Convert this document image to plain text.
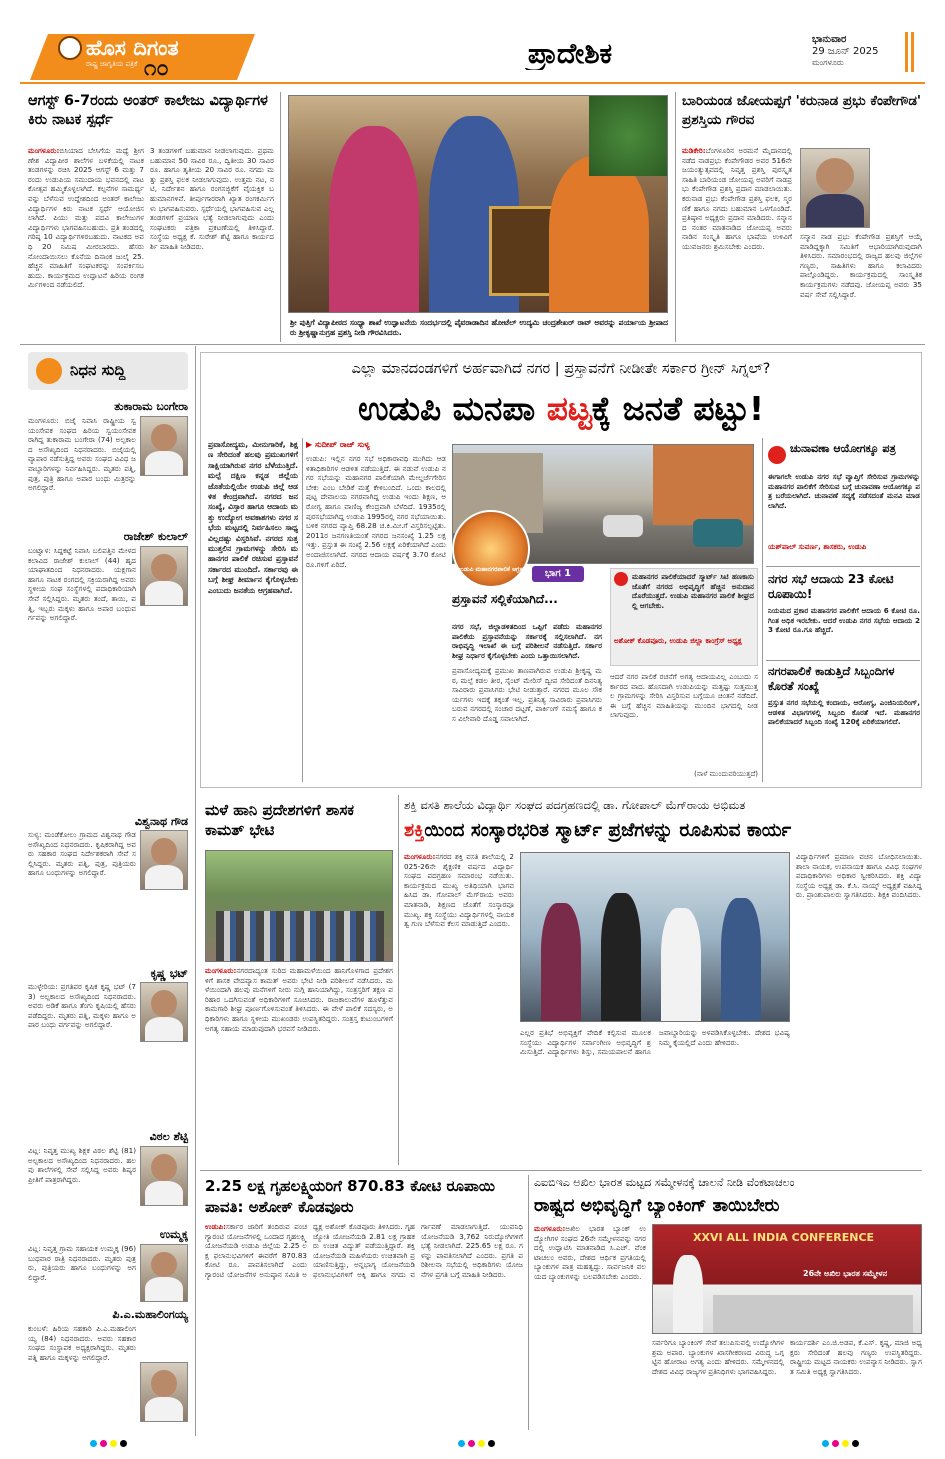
ಹೊಸ ದಿಗಂತ
ರಾಷ್ಟ್ರ ಜಾಗೃತಿಯ ಪತ್ರಿಕೆ ೧೦	ಪ್ರಾದೇಶಿಕ	ಭಾನುವಾರ
29 ಜೂನ್ 2025
ಮಂಗಳೂರು
ಆಗಸ್ಟ್ 6-7ರಂದು ಅಂತರ್ ಕಾಲೇಜು ವಿದ್ಯಾರ್ಥಿಗಳ ಕಿರು ನಾಟಕ ಸ್ಪರ್ಧೆ
ಮಂಗಳೂರು:ಬಿಸಿಯಾದ ಬೇಸಿಗೆಯ ಮಧ್ಯೆ ಶ್ರೀಗಣೇಶ ವಿದ್ಯಾಪೀಠ ಶಾಲೆಗಳ ಬಳಕೆಯಲ್ಲಿ ನಾಟಕ ತಂಡಗಳನ್ನು ರಚಿಸಿ 2025 ಆಗಸ್ಟ್ 6 ಮತ್ತು 7ರಂದು ಉಡುಪಿಯ ಸಮುದಾಯ ಭವನದಲ್ಲಿ ನಾಟಕೋತ್ಸವ ಹಮ್ಮಿಕೊಳ್ಳಲಾಗಿದೆ. ಕಲ್ಪನೆಗಳ ಸಾಮರ್ಥ್ಯವನ್ನು ಬೆಳೆಸುವ ಉದ್ದೇಶದಿಂದ ಅಂತರ್ ಕಾಲೇಜು ವಿದ್ಯಾರ್ಥಿಗಳ ಕಿರು ನಾಟಕ ಸ್ಪರ್ಧೆ ಆಯೋಜಿಸಲಾಗಿದೆ. ಪಿಯು ಮತ್ತು ಪದವಿ ಕಾಲೇಜುಗಳ ವಿದ್ಯಾರ್ಥಿಗಳು ಭಾಗವಹಿಸಬಹುದು. ಪ್ರತಿ ತಂಡದಲ್ಲಿ ಗರಿಷ್ಠ 10 ವಿದ್ಯಾರ್ಥಿಗಳಿರಬಹುದು. ನಾಟಕದ ಅವಧಿ 20 ನಿಮಿಷ ಮೀರಬಾರದು. ಹೆಸರು ನೋಂದಾಯಿಸಲು ಕೊನೆಯ ದಿನಾಂಕ ಜುಲೈ 25. ಹೆಚ್ಚಿನ ಮಾಹಿತಿಗೆ ಸಂಘಟಕರನ್ನು ಸಂಪರ್ಕಿಸಬಹುದು. ಕಾರ್ಯಕ್ರಮದ ಉದ್ಘಾಟನೆ ಹಿರಿಯ ರಂಗಕರ್ಮಿಗಳಿಂದ ನಡೆಯಲಿದೆ.
3 ತಂಡಗಳಿಗೆ ಬಹುಮಾನ ನೀಡಲಾಗುವುದು. ಪ್ರಥಮ ಬಹುಮಾನ 50 ಸಾವಿರ ರೂ., ದ್ವಿತೀಯ 30 ಸಾವಿರ ರೂ. ಹಾಗೂ ತೃತೀಯ 20 ಸಾವಿರ ರೂ. ನಗದು ಮತ್ತು ಪ್ರಶಸ್ತಿ ಫಲಕ ನೀಡಲಾಗುವುದು. ಉತ್ತಮ ನಟ, ನಟಿ, ನಿರ್ದೇಶನ ಹಾಗೂ ರಂಗಸಜ್ಜಿಕೆಗೆ ವೈಯಕ್ತಿಕ ಬಹುಮಾನಗಳಿವೆ. ತೀರ್ಪುಗಾರರಾಗಿ ಖ್ಯಾತ ರಂಗಕರ್ಮಿಗಳು ಭಾಗವಹಿಸುವರು. ಸ್ಪರ್ಧೆಯಲ್ಲಿ ಭಾಗವಹಿಸುವ ಎಲ್ಲ ತಂಡಗಳಿಗೆ ಪ್ರಯಾಣ ಭತ್ಯೆ ನೀಡಲಾಗುವುದು ಎಂದು ಸಂಘಟಕರು ಪತ್ರಿಕಾ ಪ್ರಕಟಣೆಯಲ್ಲಿ ತಿಳಿಸಿದ್ದಾರೆ. ಸಂಸ್ಥೆಯ ಅಧ್ಯಕ್ಷ ಕೆ. ಸುರೇಶ್ ಶೆಟ್ಟಿ ಹಾಗೂ ಕಾರ್ಯದರ್ಶಿ ಮಾಹಿತಿ ನೀಡಿದರು.
ಶ್ರೀ ಪುತ್ತಿಗೆ ವಿದ್ಯಾಪೀಠದ ಸಂಧ್ಯಾ ಶಾಖೆ ಉದ್ಘಾಟನೆಯ ಸಂದರ್ಭದಲ್ಲಿ ಪೈವರಾಡಾದಿನ ಹೋಟೆಲ್ ಉದ್ಯಮಿ ಚಂದ್ರಶೇಖರ್ ರಾವ್ ಅವರನ್ನು ಪರ್ಯಾಯ ಶ್ರೀಪಾದರು ಶ್ರೀಕೃಷ್ಣಾನುಗ್ರಹ ಪ್ರಶಸ್ತಿ ನೀಡಿ ಗೌರವಿಸಿದರು.
ಬಾರಿಯಂಡ ಜೋಯಪ್ಪಗೆ 'ಕರುನಾಡ ಪ್ರಭು ಕೆಂಪೇಗೌಡ' ಪ್ರಶಸ್ತಿಯ ಗೌರವ
ಮಡಿಕೇರಿ:ಬೆಂಗಳೂರಿನ ಅರಮನೆ ಮೈದಾನದಲ್ಲಿ ನಡೆದ ನಾಡಪ್ರಭು ಕೆಂಪೇಗೌಡರ ಅವರ 516ನೇ ಜಯಂತ್ಯುತ್ಸವದಲ್ಲಿ ನಿವೃತ್ತ ಪ್ರಶಸ್ತಿ ಪುರಸ್ಕೃತ ಸಾಹಿತಿ ಬಾರಿಯಂಡ ಜೋಯಪ್ಪ ಅವರಿಗೆ ನಾಡಪ್ರಭು ಕೆಂಪೇಗೌಡ ಪ್ರಶಸ್ತಿ ಪ್ರದಾನ ಮಾಡಲಾಯಿತು. ಕರುನಾಡ ಪ್ರಭು ಕೆಂಪೇಗೌಡ ಪ್ರಶಸ್ತಿ ಫಲಕ, ಸ್ಮರಣಿಕೆ ಹಾಗೂ ನಗದು ಬಹುಮಾನ ಒಳಗೊಂಡಿದೆ. ಪ್ರತಿಷ್ಠಾನ ಅಧ್ಯಕ್ಷರು ಪ್ರದಾನ ಮಾಡಿದರು. ಸನ್ಮಾನದ ನಂತರ ಮಾತನಾಡಿದ ಜೋಯಪ್ಪ ಅವರು ನಾಡಿನ ಸಂಸ್ಕೃತಿ ಹಾಗೂ ಭಾಷೆಯ ಉಳಿವಿಗೆ ಯುವಜನರು ಶ್ರಮಿಸಬೇಕು ಎಂದರು.
ಸನ್ಮಾನ ನಾಡ ಪ್ರಭು ಕೆಂಪೇಗೌಡ ಪ್ರಶಸ್ತಿಗೆ ಆಯ್ಕೆ ಮಾಡಿದ್ದಕ್ಕಾಗಿ ಸಮಿತಿಗೆ ಆಭಾರಿಯಾಗಿರುವುದಾಗಿ ತಿಳಿಸಿದರು. ಸಮಾರಂಭದಲ್ಲಿ ರಾಜ್ಯದ ಹಲವು ಜಿಲ್ಲೆಗಳ ಗಣ್ಯರು, ಸಾಹಿತಿಗಳು ಹಾಗೂ ಕಲಾವಿದರು ಪಾಲ್ಗೊಂಡಿದ್ದರು. ಕಾರ್ಯಕ್ರಮದಲ್ಲಿ ಸಾಂಸ್ಕೃತಿಕ ಕಾರ್ಯಕ್ರಮಗಳು ನಡೆದವು. ಜೋಯಪ್ಪ ಅವರು 35 ವರ್ಷ ಸೇವೆ ಸಲ್ಲಿಸಿದ್ದಾರೆ.
ನಿಧನ ಸುದ್ದಿ
ತುಕಾರಾಮ ಬಂಗೇರಾ
ಮಂಗಳೂರು: ಬಿಜೈ ನಿವಾಸಿ ರಾಷ್ಟ್ರೀಯ ಸ್ವಯಂಸೇವಕ ಸಂಘದ ಹಿರಿಯ ಸ್ವಯಂಸೇವಕರಾಗಿದ್ದ ತುಕಾರಾಮ ಬಂಗೇರಾ (74) ಅಲ್ಪಕಾಲದ ಅಸೌಖ್ಯದಿಂದ ನಿಧನರಾದರು. ಬಿಜೈಯಲ್ಲಿ ವ್ಯಾಪಾರ ನಡೆಸುತ್ತಿದ್ದ ಅವರು ಸಂಘದ ವಿವಿಧ ಜವಾಬ್ದಾರಿಗಳನ್ನು ನಿರ್ವಹಿಸಿದ್ದರು. ಮೃತರು ಪತ್ನಿ, ಪುತ್ರ, ಪುತ್ರಿ ಹಾಗೂ ಅಪಾರ ಬಂಧು ಮಿತ್ರರನ್ನು ಅಗಲಿದ್ದಾರೆ.
ರಾಜೇಶ್ ಕುಲಾಲ್
ಬಂಟ್ವಾಳ: ಸಿದ್ದಕಟ್ಟೆ ನಿವಾಸಿ ಬಲಿಪತ್ತಿನ ಮೇಳದ ಕಲಾವಿದ ರಾಜೇಶ್ ಕುಲಾಲ್ (44) ಹೃದಯಾಘಾತದಿಂದ ನಿಧನರಾದರು. ಯಕ್ಷಗಾನ ಹಾಗೂ ನಾಟಕ ರಂಗದಲ್ಲಿ ಸಕ್ರಿಯರಾಗಿದ್ದ ಅವರು ಸ್ಥಳೀಯ ಸಂಘ ಸಂಸ್ಥೆಗಳಲ್ಲಿ ಪದಾಧಿಕಾರಿಯಾಗಿ ಸೇವೆ ಸಲ್ಲಿಸಿದ್ದರು. ಮೃತರು ತಂದೆ, ತಾಯಿ, ಪತ್ನಿ, ಇಬ್ಬರು ಮಕ್ಕಳು ಹಾಗೂ ಅಪಾರ ಬಂಧುವರ್ಗವನ್ನು ಅಗಲಿದ್ದಾರೆ.
ವಿಶ್ವನಾಥ ಗೌಡ
ಸುಳ್ಯ: ಮಂಡೆಕೋಲು ಗ್ರಾಮದ ವಿಶ್ವನಾಥ ಗೌಡ ಅಸೌಖ್ಯದಿಂದ ನಿಧನರಾದರು. ಕೃಷಿಕರಾಗಿದ್ದ ಅವರು ಸಹಕಾರ ಸಂಘದ ನಿರ್ದೇಶಕರಾಗಿ ಸೇವೆ ಸಲ್ಲಿಸಿದ್ದರು. ಮೃತರು ಪತ್ನಿ, ಪುತ್ರ, ಪುತ್ರಿಯರು ಹಾಗೂ ಬಂಧುಗಳನ್ನು ಅಗಲಿದ್ದಾರೆ.
ಕೃಷ್ಣ ಭಟ್
ಮುಳ್ಳೇರಿಯ: ಪ್ರಗತಿಪರ ಕೃಷಿಕ ಕೃಷ್ಣ ಭಟ್ (73) ಅಲ್ಪಕಾಲದ ಅಸೌಖ್ಯದಿಂದ ನಿಧನರಾದರು. ಅವರು ಅಡಿಕೆ ಹಾಗೂ ತೆಂಗು ಕೃಷಿಯಲ್ಲಿ ಹೆಸರು ಪಡೆದಿದ್ದರು. ಮೃತರು ಪತ್ನಿ, ಮಕ್ಕಳು ಹಾಗೂ ಅಪಾರ ಬಂಧು ವರ್ಗವನ್ನು ಅಗಲಿದ್ದಾರೆ.
ವಿಠಲ ಶೆಟ್ಟಿ
ವಿಟ್ಲ: ನಿವೃತ್ತ ಮುಖ್ಯ ಶಿಕ್ಷಕ ವಿಠಲ ಶೆಟ್ಟಿ (81) ಅಲ್ಪಕಾಲದ ಅಸೌಖ್ಯದಿಂದ ನಿಧನರಾದರು. ಹಲವು ಶಾಲೆಗಳಲ್ಲಿ ಸೇವೆ ಸಲ್ಲಿಸಿದ್ದ ಅವರು ಶಿಷ್ಯರ ಪ್ರೀತಿಗೆ ಪಾತ್ರರಾಗಿದ್ದರು.
ಉಮ್ಮಕ್ಕ
ವಿಟ್ಲ: ನಿವೃತ್ತ ಗ್ರಾಮ ಸಹಾಯಕ ಉಮ್ಮಕ್ಕ (96) ಬುಧವಾರ ರಾತ್ರಿ ನಿಧನರಾದರು. ಮೃತರು ಪುತ್ರರು, ಪುತ್ರಿಯರು ಹಾಗೂ ಬಂಧುಗಳನ್ನು ಅಗಲಿದ್ದಾರೆ.
ಪಿ.ಎ.ಮಹಾಲಿಂಗಯ್ಯ
ಕುಂಬಳೆ: ಹಿರಿಯ ಸಹಕಾರಿ ಪಿ.ಎ.ಮಹಾಲಿಂಗಯ್ಯ (84) ನಿಧನರಾದರು. ಅವರು ಸಹಕಾರ ಸಂಘದ ಸಂಸ್ಥಾಪಕ ಅಧ್ಯಕ್ಷರಾಗಿದ್ದರು. ಮೃತರು ಪತ್ನಿ ಹಾಗೂ ಮಕ್ಕಳನ್ನು ಅಗಲಿದ್ದಾರೆ.
ಎಲ್ಲಾ ಮಾನದಂಡಗಳಿಗೆ ಅರ್ಹವಾಗಿದೆ ನಗರ | ಪ್ರಸ್ತಾವನೆಗೆ ನೀಡೀತೇ ಸರ್ಕಾರ ಗ್ರೀನ್ ಸಿಗ್ನಲ್?
ಉಡುಪಿ ಮನಪಾ ಪಟ್ಟಕ್ಕೆ ಜನತೆ ಪಟ್ಟು!
ಪ್ರವಾಸೋದ್ಯಮ, ಮೀನುಗಾರಿಕೆ, ಶಿಕ್ಷಣ ಸೇರಿದಂತೆ ಹಲವು ಪ್ರಮುಖಗಳಿಗೆ ಸಾಕ್ಷಿಯಾಗಿರುವ ನಗರ ಬೆಳೆಯುತ್ತಿದೆ. ಮಲ್ಪೆ ದಕ್ಷಿಣ ಕನ್ನಡ ಜಿಲ್ಲೆಯ ಜೊತೆಯಲ್ಲಿಯೇ ಉಡುಪಿ ಜಿಲ್ಲೆ ಆಡಳಿತ ಕೇಂದ್ರವಾಗಿದೆ. ನಗರದ ಜನಸಂಖ್ಯೆ, ವಿಸ್ತಾರ ಹಾಗೂ ಆದಾಯ ಮತ್ತು ಉದ್ಯೋಗ ಅವಕಾಶಗಳು ನಗರ ಸಭೆಯ ಮಟ್ಟದಲ್ಲಿ ನಿರ್ವಹಿಸಲು ಸಾಧ್ಯವಿಲ್ಲದಷ್ಟು ವಿಸ್ತರಿಸಿವೆ. ನಗರದ ಸುತ್ತಮುತ್ತಲಿನ ಗ್ರಾಮಗಳನ್ನು ಸೇರಿಸಿ ಮಹಾನಗರ ಪಾಲಿಕೆ ರಚಿಸುವ ಪ್ರಸ್ತಾವನೆ ಸರ್ಕಾರದ ಮುಂದಿದೆ. ಸರ್ಕಾರವು ಈ ಬಗ್ಗೆ ಶೀಘ್ರ ತೀರ್ಮಾನ ಕೈಗೊಳ್ಳಬೇಕು ಎಂಬುದು ಜನತೆಯ ಆಗ್ರಹವಾಗಿದೆ.
▶ ಸುದೀಪ್ ರಾಜ್ ಸುಳ್ಯ
ಉಡುಪಿ: ಇಲ್ಲಿನ ನಗರ ಸಭೆ ಅಧಿಕಾರಾವಧಿ ಮುಗಿದು ಆಡಳಿತಾಧಿಕಾರಿಗಳ ಆಡಳಿತ ನಡೆಯುತ್ತಿದೆ. ಈ ನಡುವೆ ಉಡುಪಿ ನಗರ ಸಭೆಯನ್ನು ಮಹಾನಗರ ಪಾಲಿಕೆಯಾಗಿ ಮೇಲ್ದರ್ಜೆಗೇರಿಸಬೇಕು ಎಂಬ ಬೇಡಿಕೆ ಮತ್ತೆ ಕೇಳಿಬಂದಿದೆ. ಒಂದು ಕಾಲದಲ್ಲಿ ಪುಟ್ಟ ದೇವಾಲಯ ನಗರವಾಗಿದ್ದ ಉಡುಪಿ ಇಂದು ಶಿಕ್ಷಣ, ಆರೋಗ್ಯ ಹಾಗೂ ವಾಣಿಜ್ಯ ಕೇಂದ್ರವಾಗಿ ಬೆಳೆದಿದೆ. 1935ರಲ್ಲಿ ಪುರಸಭೆಯಾಗಿದ್ದ ಉಡುಪಿ 1995ರಲ್ಲಿ ನಗರ ಸಭೆಯಾಯಿತು. ಬಳಿಕ ನಗರದ ವ್ಯಾಪ್ತಿ 68.28 ಚ.ಕಿ.ಮೀ.ಗೆ ವಿಸ್ತರಿಸಲ್ಪಟ್ಟಿತು. 2011ರ ಜನಗಣತಿಯಂತೆ ನಗರದ ಜನಸಂಖ್ಯೆ 1.25 ಲಕ್ಷ ಇತ್ತು. ಪ್ರಸ್ತುತ ಈ ಸಂಖ್ಯೆ 2.56 ಲಕ್ಷಕ್ಕೆ ಏರಿಕೆಯಾಗಿದೆ ಎಂದು ಅಂದಾಜಿಸಲಾಗಿದೆ. ನಗರದ ಆದಾಯ ವರ್ಷಕ್ಕೆ 3.70 ಕೋಟಿ ರೂ.ಗಳಿಗೆ ಏರಿದೆ.
ಉಡುಪಿ ಮಹಾನಗರಪಾಲಿಕೆ ಆಗ್ರಹ	ಭಾಗ 1
ಪ್ರಸ್ತಾವನೆ ಸಲ್ಲಿಕೆಯಾಗಿದೆ...
ನಗರ ಸಭೆ, ಜಿಲ್ಲಾಡಳಿತದಿಂದ ಒಪ್ಪಿಗೆ ಪಡೆದು ಮಹಾನಗರ ಪಾಲಿಕೆಯ ಪ್ರಸ್ತಾವನೆಯನ್ನು ಸರ್ಕಾರಕ್ಕೆ ಸಲ್ಲಿಸಲಾಗಿದೆ. ನಗರಾಭಿವೃದ್ಧಿ ಇಲಾಖೆ ಈ ಬಗ್ಗೆ ಪರಿಶೀಲನೆ ನಡೆಸುತ್ತಿದೆ. ಸರ್ಕಾರ ಶೀಘ್ರ ನಿರ್ಧಾರ ಕೈಗೊಳ್ಳಬೇಕು ಎಂದು ಒತ್ತಾಯಿಸಲಾಗಿದೆ.
ಪ್ರವಾಸೋದ್ಯಮಕ್ಕೆ ಪ್ರಮುಖ ತಾಣವಾಗಿರುವ ಉಡುಪಿ ಶ್ರೀಕೃಷ್ಣ ಮಠ, ಮಲ್ಪೆ ಕಡಲ ತೀರ, ಸೈಂಟ್ ಮೇರಿಸ್ ದ್ವೀಪ ಸೇರಿದಂತೆ ದಿನನಿತ್ಯ ಸಾವಿರಾರು ಪ್ರವಾಸಿಗರು ಭೇಟಿ ನೀಡುತ್ತಾರೆ. ನಗರದ ಮೂಲ ಸೌಕರ್ಯಗಳು ಇದಕ್ಕೆ ತಕ್ಕಂತೆ ಇಲ್ಲ. ಪ್ರತಿನಿತ್ಯ ಸಾವಿರಾರು ಪ್ರವಾಸಿಗರು ಬರುವ ನಗರದಲ್ಲಿ ಸಂಚಾರ ದಟ್ಟಣೆ, ಪಾರ್ಕಿಂಗ್ ಸಮಸ್ಯೆ ಹಾಗೂ ಕಸ ವಿಲೇವಾರಿ ದೊಡ್ಡ ಸವಾಲಾಗಿದೆ.
ಮಹಾನಗರ ಪಾಲಿಕೆಯಾದರೆ ಸ್ಮಾರ್ಟ್ ಸಿಟಿ ಹಣಕಾಸು ಜೊತೆಗೆ ನಗರದ ಅಭಿವೃದ್ಧಿಗೆ ಹೆಚ್ಚಿನ ಅನುದಾನ ದೊರೆಯುತ್ತದೆ. ಉಡುಪಿ ಮಹಾನಗರ ಪಾಲಿಕೆ ಶೀಘ್ರದಲ್ಲಿ ಆಗಬೇಕು.
ಅಶೋಕ್ ಕೊಡವೂರು, ಉಡುಪಿ ಜಿಲ್ಲಾ ಕಾಂಗ್ರೆಸ್ ಅಧ್ಯಕ್ಷ
ಆದರೆ ನಗರ ಪಾಲಿಕೆ ರಚನೆಗೆ ಅಗತ್ಯ ಆದಾಯವಿಲ್ಲ ಎಂಬುದು ಸರ್ಕಾರದ ವಾದ. ಹೊಸದಾಗಿ ಉಡುಪಿಯನ್ನು ಮತ್ತಷ್ಟು ಸುತ್ತಮುತ್ತಲ ಗ್ರಾಮಗಳನ್ನು ಸೇರಿಸಿ ವಿಸ್ತರಿಸುವ ಬಗ್ಗೆಯೂ ಚಿಂತನೆ ನಡೆದಿದೆ. ಈ ಬಗ್ಗೆ ಹೆಚ್ಚಿನ ಮಾಹಿತಿಯನ್ನು ಮುಂದಿನ ಭಾಗದಲ್ಲಿ ನೀಡಲಾಗುವುದು.
(ನಾಳೆ ಮುಂದುವರಿಯುತ್ತದೆ)
ಚುನಾವಣಾ ಆಯೋಗಕ್ಕೂ ಪತ್ರ
ಈಗಾಗಲೇ ಉಡುಪಿ ನಗರ ಸಭೆ ವ್ಯಾಪ್ತಿಗೆ ಸೇರಿಸುವ ಗ್ರಾಮಗಳನ್ನು ಮಹಾನಗರ ಪಾಲಿಕೆಗೆ ಸೇರಿಸುವ ಬಗ್ಗೆ ಚುನಾವಣಾ ಆಯೋಗಕ್ಕೂ ಪತ್ರ ಬರೆಯಲಾಗಿದೆ. ಚುನಾವಣೆ ಸದ್ಯಕ್ಕೆ ನಡೆಸದಂತೆ ಮನವಿ ಮಾಡಲಾಗಿದೆ.
ಯಶ್‌ಪಾಲ್ ಸುವರ್ಣ, ಶಾಸಕರು, ಉಡುಪಿ
ನಗರ ಸಭೆ ಆದಾಯ 23 ಕೋಟಿ ರೂಪಾಯಿ!
ನಿಯಮದ ಪ್ರಕಾರ ಮಹಾನಗರ ಪಾಲಿಕೆಗೆ ಆದಾಯ 6 ಕೋಟಿ ರೂ.ಗಿಂತ ಅಧಿಕ ಇರಬೇಕು. ಆದರೆ ಉಡುಪಿ ನಗರ ಸಭೆಯ ಆದಾಯ 23 ಕೋಟಿ ರೂ.ಗೂ ಹೆಚ್ಚಿದೆ.
ನಗರಪಾಲಿಕೆ ಕಾಡುತ್ತಿದೆ ಸಿಬ್ಬಂದಿಗಳ ಕೊರತೆ ಸಂಖ್ಯೆ
ಪ್ರಸ್ತುತ ನಗರ ಸಭೆಯಲ್ಲಿ ಕಂದಾಯ, ಆರೋಗ್ಯ, ಎಂಜಿನಿಯರಿಂಗ್, ಆಡಳಿತ ವಿಭಾಗಗಳಲ್ಲಿ ಸಿಬ್ಬಂದಿ ಕೊರತೆ ಇದೆ. ಮಹಾನಗರ ಪಾಲಿಕೆಯಾದರೆ ಸಿಬ್ಬಂದಿ ಸಂಖ್ಯೆ 120ಕ್ಕೆ ಏರಿಕೆಯಾಗಲಿದೆ.
ಮಳೆ ಹಾನಿ ಪ್ರದೇಶಗಳಿಗೆ ಶಾಸಕ ಕಾಮತ್ ಭೇಟಿ
ಮಂಗಳೂರು:ನಗರದಾದ್ಯಂತ ಸುರಿದ ಮಹಾಮಳೆಯಿಂದ ಹಾನಿಗೊಳಗಾದ ಪ್ರದೇಶಗಳಿಗೆ ಶಾಸಕ ವೇದವ್ಯಾಸ ಕಾಮತ್ ಅವರು ಭೇಟಿ ನೀಡಿ ಪರಿಶೀಲನೆ ನಡೆಸಿದರು. ಮಳೆಯಿಂದಾಗಿ ಹಲವು ಮನೆಗಳಿಗೆ ನೀರು ನುಗ್ಗಿ ಹಾನಿಯಾಗಿದ್ದು, ಸಂತ್ರಸ್ತರಿಗೆ ತಕ್ಷಣ ಪರಿಹಾರ ಒದಗಿಸುವಂತೆ ಅಧಿಕಾರಿಗಳಿಗೆ ಸೂಚಿಸಿದರು. ರಾಜಕಾಲುವೆಗಳ ಹೂಳೆತ್ತುವ ಕಾಮಗಾರಿ ಶೀಘ್ರ ಪೂರ್ಣಗೊಳಿಸುವಂತೆ ತಿಳಿಸಿದರು. ಈ ವೇಳೆ ಪಾಲಿಕೆ ಸದಸ್ಯರು, ಅಧಿಕಾರಿಗಳು ಹಾಗೂ ಸ್ಥಳೀಯ ಮುಖಂಡರು ಉಪಸ್ಥಿತರಿದ್ದರು. ಸಂತ್ರಸ್ತ ಕುಟುಂಬಗಳಿಗೆ ಅಗತ್ಯ ಸಹಾಯ ಮಾಡುವುದಾಗಿ ಭರವಸೆ ನೀಡಿದರು.
ಶಕ್ತಿ ವಸತಿ ಶಾಲೆಯ ವಿದ್ಯಾರ್ಥಿ ಸಂಘದ ಪದಗ್ರಹಣದಲ್ಲಿ ಡಾ. ಗೋಪಾಲ್ ಮೆಗ್‌ರಾಯ ಅಭಿಮತ
ಶಕ್ತಿಯಿಂದ ಸಂಸ್ಕಾರಭರಿತ ಸ್ಮಾರ್ಟ್ ಪ್ರಜೆಗಳನ್ನು ರೂಪಿಸುವ ಕಾರ್ಯ
ಮಂಗಳೂರು:ನಗರದ ಶಕ್ತಿ ವಸತಿ ಶಾಲೆಯಲ್ಲಿ 2025-26ನೇ ಶೈಕ್ಷಣಿಕ ವರ್ಷದ ವಿದ್ಯಾರ್ಥಿ ಸಂಘದ ಪದಗ್ರಹಣ ಸಮಾರಂಭ ನಡೆಯಿತು. ಕಾರ್ಯಕ್ರಮದ ಮುಖ್ಯ ಅತಿಥಿಯಾಗಿ ಭಾಗವಹಿಸಿದ ಡಾ. ಗೋಪಾಲ್ ಮೆಗ್‌ರಾಯ ಅವರು ಮಾತನಾಡಿ, ಶಿಕ್ಷಣದ ಜೊತೆಗೆ ಸಂಸ್ಕಾರವೂ ಮುಖ್ಯ. ಶಕ್ತಿ ಸಂಸ್ಥೆಯು ವಿದ್ಯಾರ್ಥಿಗಳಲ್ಲಿ ನಾಯಕತ್ವ ಗುಣ ಬೆಳೆಸುವ ಕೆಲಸ ಮಾಡುತ್ತಿದೆ ಎಂದರು.
ಎಲ್ಲರ ಪ್ರತಿಭೆ ಅಭಿವ್ಯಕ್ತಿಗೆ ವೇದಿಕೆ ಕಲ್ಪಿಸುವ ಮೂಲಕ ಸಂಸ್ಥೆಯು ವಿದ್ಯಾರ್ಥಿಗಳ ಸರ್ವಾಂಗೀಣ ಅಭಿವೃದ್ಧಿಗೆ ಶ್ರಮಿಸುತ್ತಿದೆ. ವಿದ್ಯಾರ್ಥಿಗಳು ಶಿಸ್ತು, ಸಮಯಪಾಲನೆ ಹಾಗೂ ಜವಾಬ್ದಾರಿಯನ್ನು ಅಳವಡಿಸಿಕೊಳ್ಳಬೇಕು. ದೇಶದ ಭವಿಷ್ಯ ನಿಮ್ಮ ಕೈಯಲ್ಲಿದೆ ಎಂದು ಹೇಳಿದರು.
ವಿದ್ಯಾರ್ಥಿಗಳಿಗೆ ಪ್ರಮಾಣ ವಚನ ಬೋಧಿಸಲಾಯಿತು. ಶಾಲಾ ನಾಯಕ, ಉಪನಾಯಕ ಹಾಗೂ ವಿವಿಧ ಸಂಘಗಳ ಪದಾಧಿಕಾರಿಗಳು ಅಧಿಕಾರ ಸ್ವೀಕರಿಸಿದರು. ಶಕ್ತಿ ವಿದ್ಯಾ ಸಂಸ್ಥೆಯ ಅಧ್ಯಕ್ಷ ಡಾ. ಕೆ.ಸಿ. ನಾಯ್ಕ್ ಅಧ್ಯಕ್ಷತೆ ವಹಿಸಿದ್ದರು. ಪ್ರಾಂಶುಪಾಲರು ಸ್ವಾಗತಿಸಿದರು. ಶಿಕ್ಷಕಿ ವಂದಿಸಿದರು.
2.25 ಲಕ್ಷ ಗೃಹಲಕ್ಷ್ಮಿಯರಿಗೆ 870.83 ಕೋಟಿ ರೂಪಾಯಿ ಪಾವತಿ: ಅಶೋಕ್ ಕೊಡವೂರು
ಉಡುಪಿ:ಸರ್ಕಾರ ಜಾರಿಗೆ ತಂದಿರುವ ಪಂಚ ಗ್ಯಾರಂಟಿ ಯೋಜನೆಗಳಲ್ಲಿ ಒಂದಾದ ಗೃಹಲಕ್ಷ್ಮಿ ಯೋಜನೆಯಡಿ ಉಡುಪಿ ಜಿಲ್ಲೆಯ 2.25 ಲಕ್ಷ ಫಲಾನುಭವಿಗಳಿಗೆ ಈವರೆಗೆ 870.83 ಕೋಟಿ ರೂ. ಪಾವತಿಸಲಾಗಿದೆ ಎಂದು ಗ್ಯಾರಂಟಿ ಯೋಜನೆಗಳ ಅನುಷ್ಠಾನ ಸಮಿತಿ ಅಧ್ಯಕ್ಷ ಅಶೋಕ್ ಕೊಡವೂರು ತಿಳಿಸಿದರು. ಗೃಹಜ್ಯೋತಿ ಯೋಜನೆಯಡಿ 2.81 ಲಕ್ಷ ಗ್ರಾಹಕರು ಉಚಿತ ವಿದ್ಯುತ್ ಪಡೆಯುತ್ತಿದ್ದಾರೆ. ಶಕ್ತಿ ಯೋಜನೆಯಡಿ ಮಹಿಳೆಯರು ಉಚಿತವಾಗಿ ಪ್ರಯಾಣಿಸುತ್ತಿದ್ದು, ಅನ್ನಭಾಗ್ಯ ಯೋಜನೆಯಡಿ ಫಲಾನುಭವಿಗಳಿಗೆ ಅಕ್ಕಿ ಹಾಗೂ ನಗದು ವರ್ಗಾವಣೆ ಮಾಡಲಾಗುತ್ತಿದೆ. ಯುವನಿಧಿ ಯೋಜನೆಯಡಿ 3,762 ನಿರುದ್ಯೋಗಿಗಳಿಗೆ ಭತ್ಯೆ ನೀಡಲಾಗಿದೆ. 225.65 ಲಕ್ಷ ರೂ. ಗಳನ್ನು ಪಾವತಿಸಲಾಗಿದೆ ಎಂದರು. ಪ್ರಗತಿ ಪರಿಶೀಲನಾ ಸಭೆಯಲ್ಲಿ ಅಧಿಕಾರಿಗಳು ಯೋಜನೆಗಳ ಪ್ರಗತಿ ಬಗ್ಗೆ ಮಾಹಿತಿ ನೀಡಿದರು.
ಎಐಬಿಇಎ ಅಖಿಲ ಭಾರತ ಮಟ್ಟದ ಸಮ್ಮೇಳನಕ್ಕೆ ಚಾಲನೆ ನೀಡಿ ವೆಂಕಟಾಚಲಂ
ರಾಷ್ಟ್ರದ ಅಭಿವೃದ್ಧಿಗೆ ಬ್ಯಾಂಕಿಂಗ್ ತಾಯಿಬೇರು
ಮಂಗಳೂರು:ಅಖಿಲ ಭಾರತ ಬ್ಯಾಂಕ್ ಉದ್ಯೋಗಿಗಳ ಸಂಘದ 26ನೇ ಸಮ್ಮೇಳನವನ್ನು ನಗರದಲ್ಲಿ ಉದ್ಘಾಟಿಸಿ ಮಾತನಾಡಿದ ಸಿ.ಎಚ್. ವೆಂಕಟಾಚಲಂ ಅವರು, ದೇಶದ ಆರ್ಥಿಕ ಪ್ರಗತಿಯಲ್ಲಿ ಬ್ಯಾಂಕುಗಳ ಪಾತ್ರ ಮಹತ್ವದ್ದು. ಸಾರ್ವಜನಿಕ ವಲಯದ ಬ್ಯಾಂಕುಗಳನ್ನು ಬಲಪಡಿಸಬೇಕು ಎಂದರು.
XXVI ALL INDIA CONFERENCE
26ನೇ ಅಖಿಲ ಭಾರತ ಸಮ್ಮೇಳನ
ಸರ್ವರಿಗೂ ಬ್ಯಾಂಕಿಂಗ್ ಸೇವೆ ತಲುಪಿಸುವಲ್ಲಿ ಉದ್ಯೋಗಿಗಳ ಶ್ರಮ ಅಪಾರ. ಬ್ಯಾಂಕುಗಳ ಖಾಸಗೀಕರಣದ ವಿರುದ್ಧ ಒಗ್ಗಟ್ಟಿನ ಹೋರಾಟ ಅಗತ್ಯ ಎಂದು ಹೇಳಿದರು. ಸಮ್ಮೇಳನದಲ್ಲಿ ದೇಶದ ವಿವಿಧ ರಾಜ್ಯಗಳ ಪ್ರತಿನಿಧಿಗಳು ಭಾಗವಹಿಸಿದ್ದರು.
ಕಾರ್ಯದರ್ಶಿ ಎಂ.ಜಿ.ಅಡಪ, ಕೆ.ಎಸ್. ಕೃಷ್ಣ, ಮಾಜಿ ಅಧ್ಯಕ್ಷರು ಸೇರಿದಂತೆ ಹಲವು ಗಣ್ಯರು ಉಪಸ್ಥಿತರಿದ್ದರು. ರಾಷ್ಟ್ರೀಯ ಮಟ್ಟದ ನಾಯಕರು ಉಪನ್ಯಾಸ ನೀಡಿದರು. ಸ್ವಾಗತ ಸಮಿತಿ ಅಧ್ಯಕ್ಷ ಸ್ವಾಗತಿಸಿದರು.
